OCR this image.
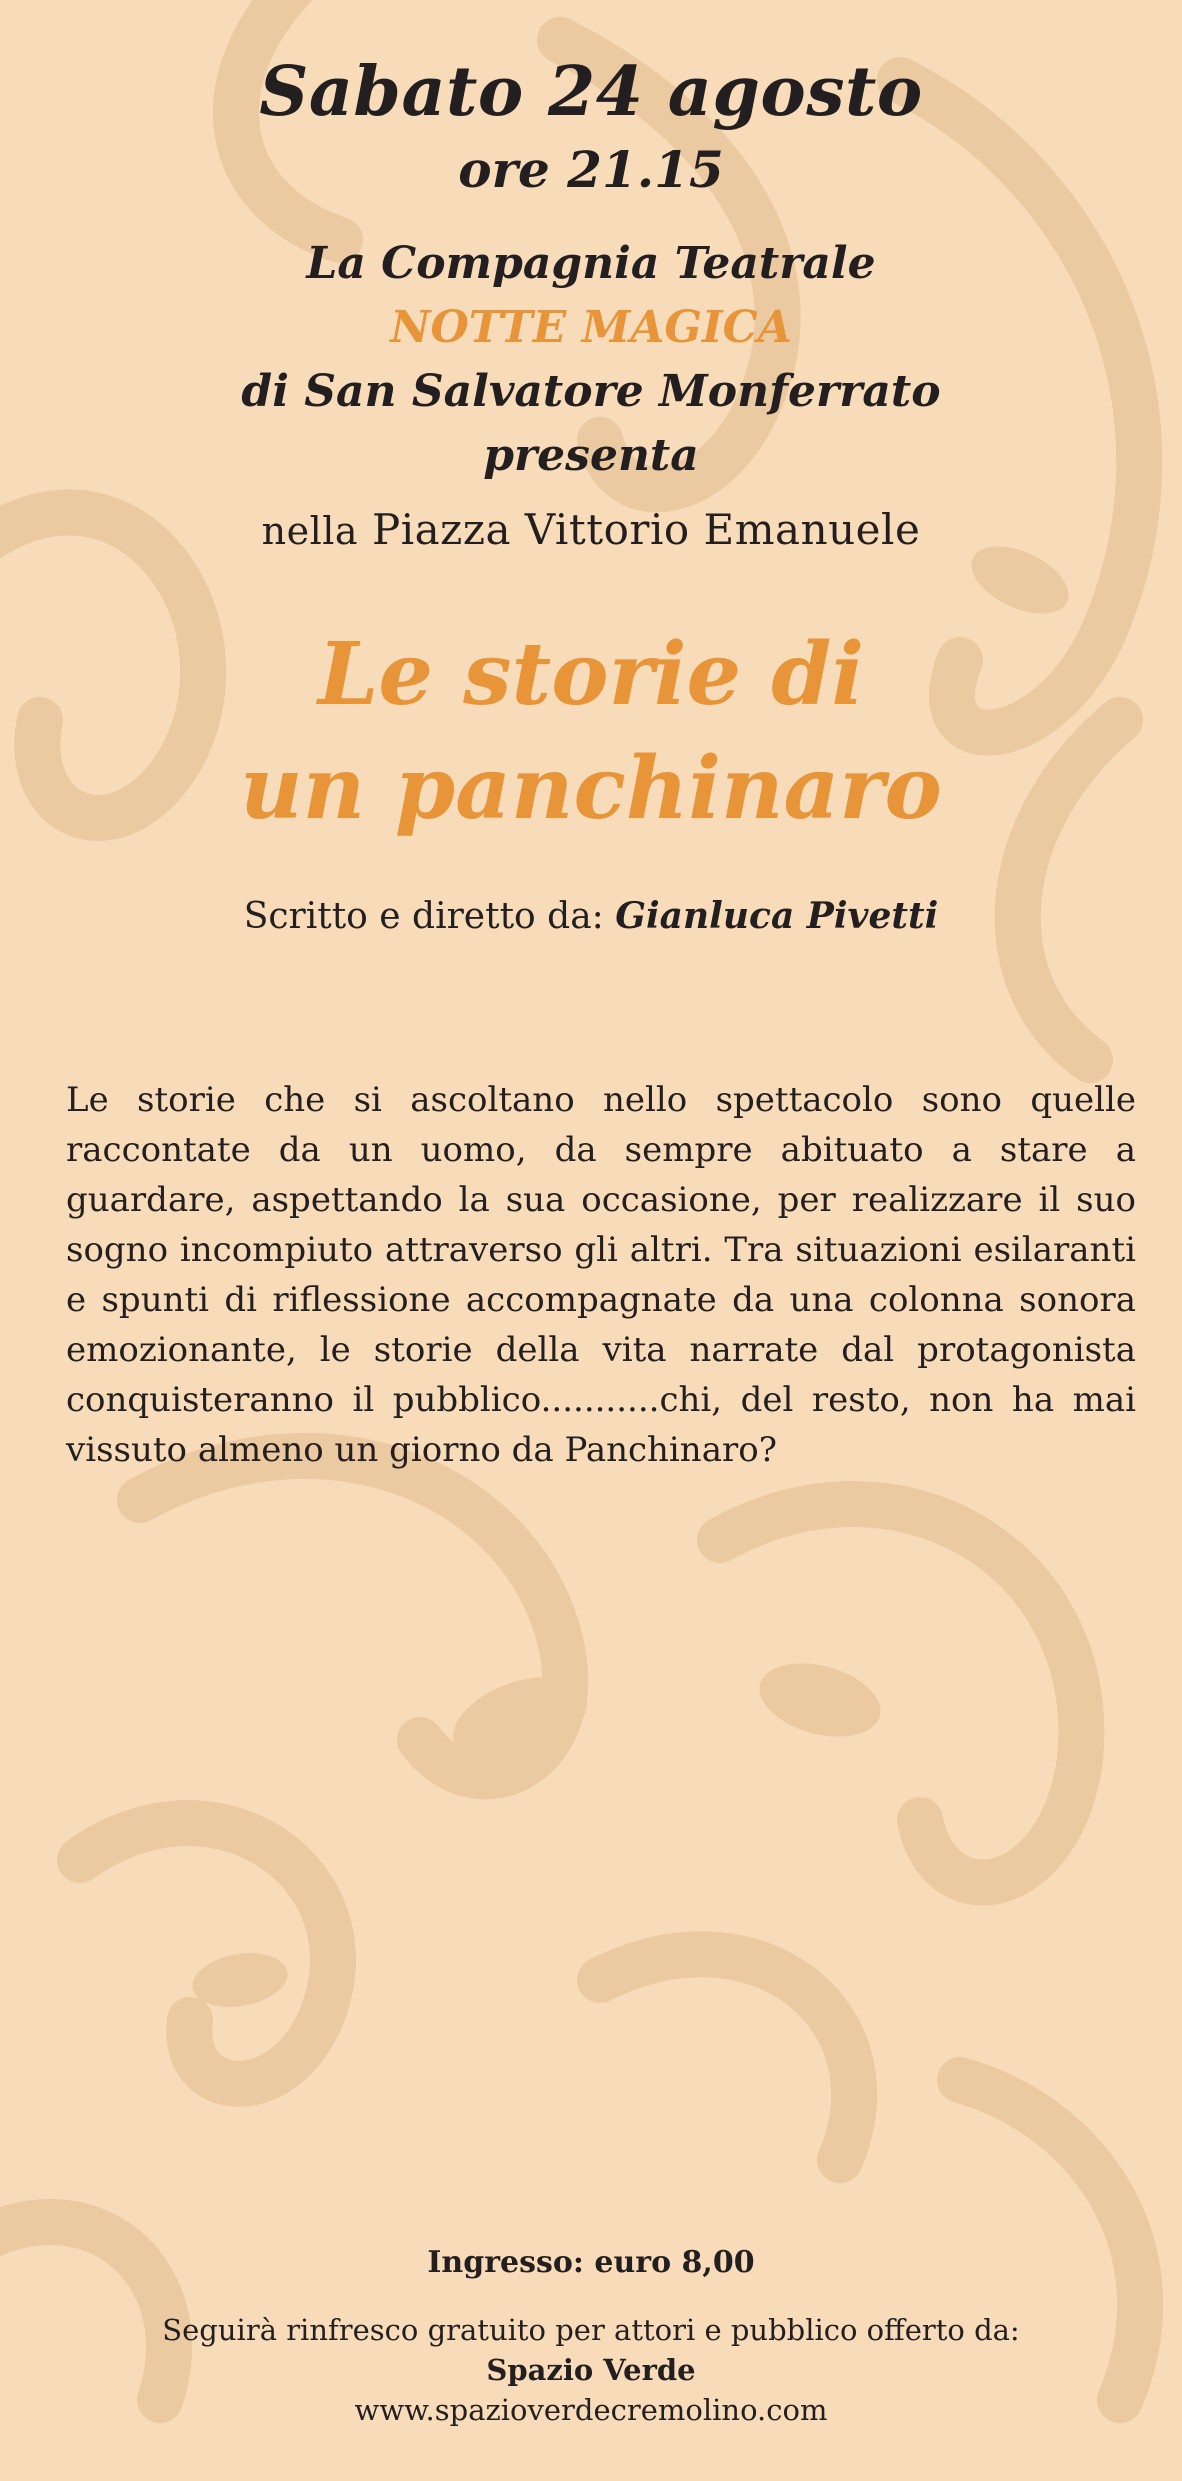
Sabato 24 agosto
ore 21.15
La Compagnia Teatrale
NOTTE MAGICA
di San Salvatore Monferrato
presenta
nella Piazza Vittorio Emanuele
Le storie di
un panchinaro
Scritto e diretto da: Gianluca Pivetti
Le storie che si ascoltano nello spettacolo sono quelle raccontate da un uomo, da sempre abituato a stare a guardare, aspettando la sua occasione, per realizzare il suo sogno incompiuto attraverso gli altri. Tra situazioni esilaranti e spunti di riflessione accompagnate da una colonna sonora emozionante, le storie della vita narrate dal protagonista conquisteranno il pubblico...........chi, del resto, non ha mai vissuto almeno un giorno da Panchinaro?
Ingresso: euro 8,00
Seguirà rinfresco gratuito per attori e pubblico offerto da:
Spazio Verde
www.spazioverdecremolino.com
